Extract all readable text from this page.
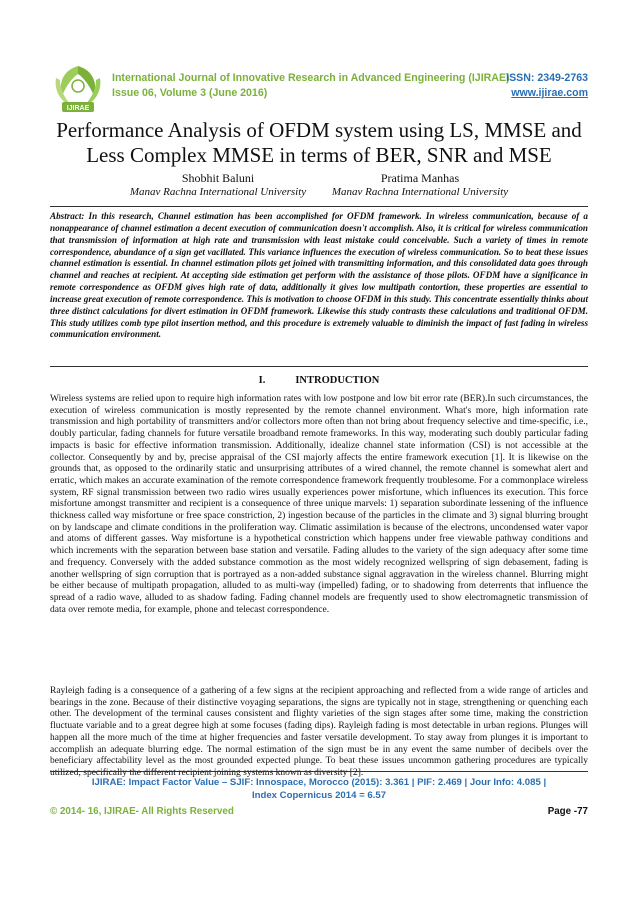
IJIRAE
International Journal of Innovative Research in Advanced Engineering (IJIRAE)
Issue 06, Volume 3 (June 2016)
ISSN: 2349-2763
www.ijirae.com
Performance Analysis of OFDM system using LS, MMSE and Less Complex MMSE in terms of BER, SNR and MSE
Shobhit Baluni
Manav Rachna International University
Pratima Manhas
Manav Rachna International University

Abstract: In this research, Channel estimation has been accomplished for OFDM framework. In wireless communication, because of a nonappearance of channel estimation a decent execution of communication doesn't accomplish. Also, it is critical for wireless communication that transmission of information at high rate and transmission with least mistake could conceivable. Such a variety of times in remote correspondence, abundance of a sign get vacillated. This variance influences the execution of wireless communication. So to beat these issues channel estimation is essential. In channel estimation pilots get joined with transmitting information, and this consolidated data goes through channel and reaches at recipient. At accepting side estimation get perform with the assistance of those pilots. OFDM have a significance in remote correspondence as OFDM gives high rate of data, additionally it gives low multipath contortion, these properties are essential to increase great execution of remote correspondence. This is motivation to choose OFDM in this study. This concentrate essentially thinks about three distinct calculations for divert estimation in OFDM framework. Likewise this study contrasts these calculations and traditional OFDM. This study utilizes comb type pilot insertion method, and this procedure is extremely valuable to diminish the impact of fast fading in wireless communication environment.

I.	INTRODUCTION

Wireless systems are relied upon to require high information rates with low postpone and low bit error rate (BER).In such circumstances, the execution of wireless communication is mostly represented by the remote channel environment. What's more, high information rate transmission and high portability of transmitters and/or collectors more often than not bring about frequency selective and time-specific, i.e., doubly particular, fading channels for future versatile broadband remote frameworks. In this way, moderating such doubly particular fading impacts is basic for effective information transmission. Additionally, idealize channel state information (CSI) is not accessible at the collector. Consequently by and by, precise appraisal of the CSI majorly affects the entire framework execution [1]. It is likewise on the grounds that, as opposed to the ordinarily static and unsurprising attributes of a wired channel, the remote channel is somewhat alert and erratic, which makes an accurate examination of the remote correspondence framework frequently troublesome. For a commonplace wireless system, RF signal transmission between two radio wires usually experiences power misfortune, which influences its execution. This force misfortune amongst transmitter and recipient is a consequence of three unique marvels: 1) separation subordinate lessening of the influence thickness called way misfortune or free space constriction, 2) ingestion because of the particles in the climate and 3) signal blurring brought on by landscape and climate conditions in the proliferation way. Climatic assimilation is because of the electrons, uncondensed water vapor and atoms of different gasses. Way misfortune is a hypothetical constriction which happens under free viewable pathway conditions and which increments with the separation between base station and versatile. Fading alludes to the variety of the sign adequacy after some time and frequency. Conversely with the added substance commotion as the most widely recognized wellspring of sign debasement, fading is another wellspring of sign corruption that is portrayed as a non-added substance signal aggravation in the wireless channel. Blurring might be either because of multipath propagation, alluded to as multi-way (impelled) fading, or to shadowing from deterrents that influence the spread of a radio wave, alluded to as shadow fading. Fading channel models are frequently used to show electromagnetic transmission of data over remote media, for example, phone and telecast correspondence.

Rayleigh fading is a consequence of a gathering of a few signs at the recipient approaching and reflected from a wide range of articles and bearings in the zone. Because of their distinctive voyaging separations, the signs are typically not in stage, strengthening or quenching each other. The development of the terminal causes consistent and flighty varieties of the sign stages after some time, making the constriction fluctuate variable and to a great degree high at some focuses (fading dips). Rayleigh fading is most detectable in urban regions. Plunges will happen all the more much of the time at higher frequencies and faster versatile development. To stay away from plunges it is important to accomplish an adequate blurring edge. The normal estimation of the sign must be in any event the same number of decibels over the beneficiary affectability level as the most grounded expected plunge. To beat these issues uncommon gathering procedures are typically utilized, specifically the different recipient joining systems known as diversity [2].

IJIRAE: Impact Factor Value – SJIF: Innospace, Morocco (2015): 3.361 | PIF: 2.469 | Jour Info: 4.085 |
Index Copernicus 2014 = 6.57
© 2014- 16, IJIRAE- All Rights Reserved	Page -77
